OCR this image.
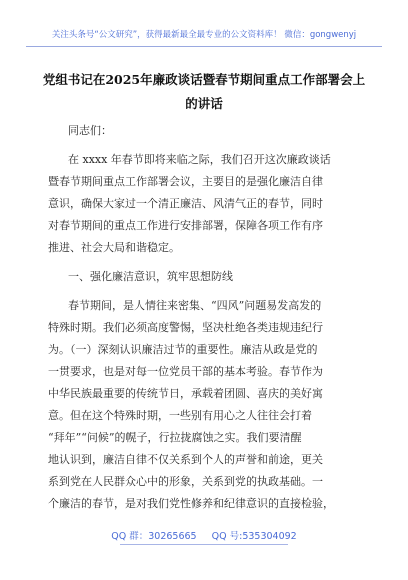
关注头条号“公文研究”，获得最新最全最专业的公文资料库！ 微信：gongwenyj
党组书记在2025年廉政谈话暨春节期间重点工作部署会上
的讲话
同志们：
在 xxxx 年春节即将来临之际，我们召开这次廉政谈话
暨春节期间重点工作部署会议，主要目的是强化廉洁自律
意识，确保大家过一个清正廉洁、风清气正的春节，同时
对春节期间的重点工作进行安排部署，保障各项工作有序
推进、社会大局和谐稳定。
一、强化廉洁意识，筑牢思想防线
春节期间，是人情往来密集、“四风”问题易发高发的
特殊时期。我们必须高度警惕，坚决杜绝各类违规违纪行
为。（一）深刻认识廉洁过节的重要性。廉洁从政是党的
一贯要求，也是对每一位党员干部的基本考验。春节作为
中华民族最重要的传统节日，承载着团圆、喜庆的美好寓
意。但在这个特殊时期，一些别有用心之人往往会打着
“拜年”“问候”的幌子，行拉拢腐蚀之实。我们要清醒
地认识到，廉洁自律不仅关系到个人的声誉和前途，更关
系到党在人民群众心中的形象，关系到党的执政基础。一
个廉洁的春节，是对我们党性修养和纪律意识的直接检验，
QQ 群：30265665 QQ 号:535304092
